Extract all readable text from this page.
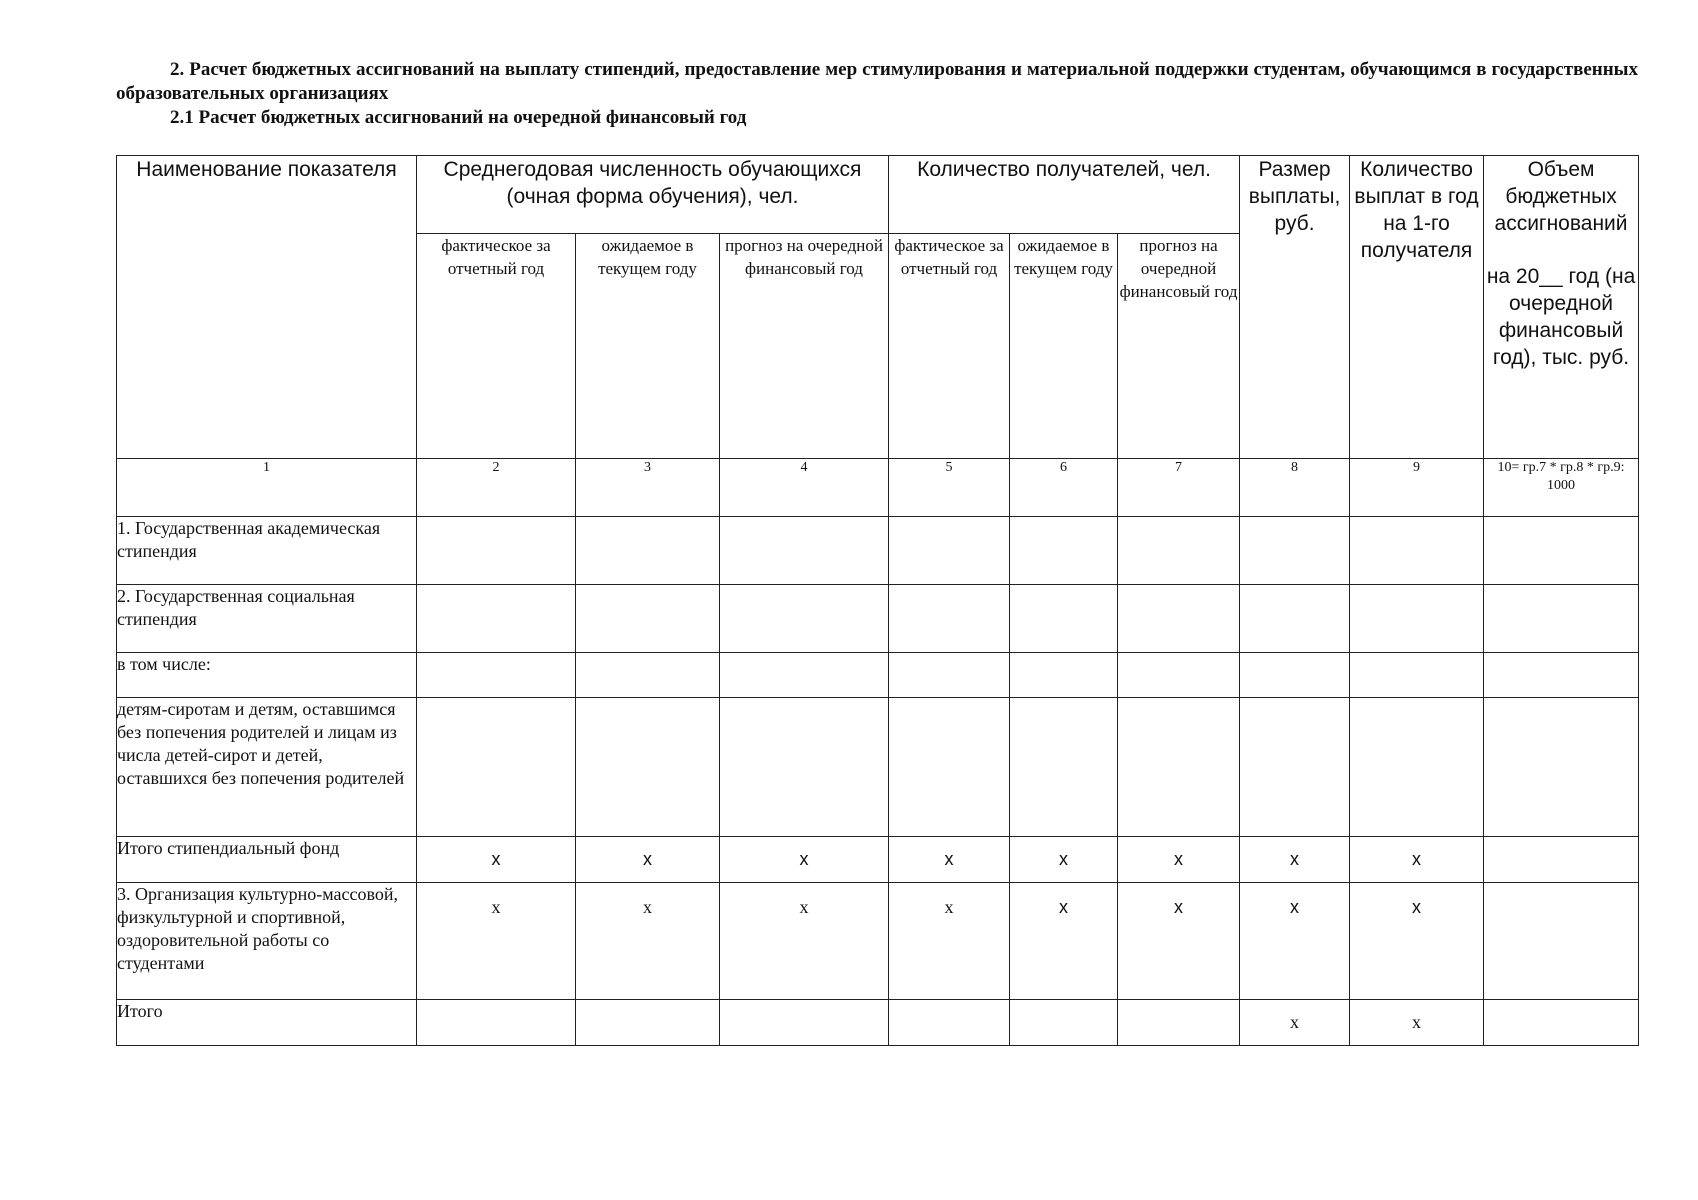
2. Расчет бюджетных ассигнований на выплату стипендий, предоставление мер стимулирования и материальной поддержки студентам, обучающимся в государственных образовательных организациях

2.1 Расчет бюджетных ассигнований на очередной финансовый год

Наименование показателя	Среднегодовая численность обучающихся (очная форма обучения), чел.			Количество получателей, чел.			Размер выплаты, руб.	Количество выплат в год на 1-го получателя	Объем бюджетных ассигнований
на 20__ год (на очередной финансовый год), тыс. руб.

	фактическое за отчетный год	ожидаемое в текущем году	прогноз на очередной финансовый год	фактическое за отчетный год	ожидаемое в текущем году	прогноз на очередной финансовый год			
1	2	3	4	5	6	7	8	9	10= гр.7 * гр.8 * гр.9: 1000
1. Государственная академическая стипендия									
2. Государственная социальная стипендия									
в том числе:									
детям-сиротам и детям, оставшимся без попечения родителей и лицам из числа детей-сирот и детей, оставшихся без попечения родителей									
Итого стипендиальный фонд	x	x	x	x	x	x	x	x	
3. Организация культурно-массовой, физкультурной и спортивной, оздоровительной работы со студентами	х	х	х	х	x	x	x	x	
Итого							х	х	
